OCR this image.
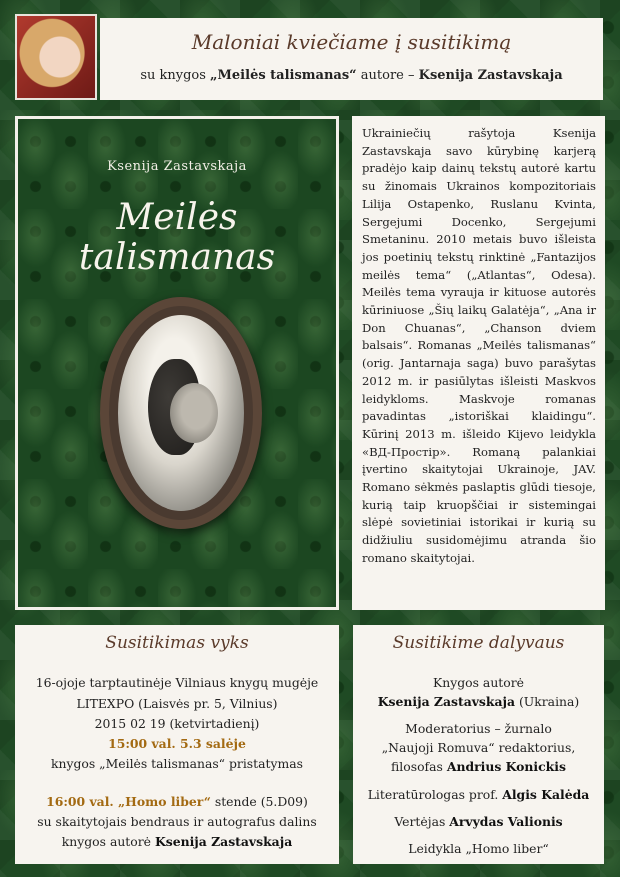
Maloniai kviečiame į susitikimą
su knygos „Meilės talismanas“ autore – Ksenija Zastavskaja
Ksenija Zastavskaja
Meilės
talismanas
Ukrainiečių rašytoja Ksenija Zastavskaja savo kūrybinę karjerą pradėjo kaip dainų tekstų autorė kartu su žinomais Ukrainos kompozitoriais Lilija Ostapenko, Ruslanu Kvinta, Sergejumi Docenko, Sergejumi Smetaninu. 2010 metais buvo išleista jos poetinių tekstų rinktinė „Fantazijos meilės tema“ („Atlantas“, Odesa). Meilės tema vyrauja ir kituose autorės kūriniuose „Šių laikų Galatėja“, „Ana ir Don Chuanas“, „Chanson dviem balsais“. Romanas „Meilės talismanas“ (orig. Jantarnaja saga) buvo parašytas 2012 m. ir pasiūlytas išleisti Maskvos leidykloms. Maskvoje romanas pavadintas „istoriškai klaidingu“. Kūrinį 2013 m. išleido Kijevo leidykla «ВД-Простір». Romaną palankiai įvertino skaitytojai Ukrainoje, JAV. Romano sėkmės paslaptis glūdi tiesoje, kurią taip kruopščiai ir sistemingai slėpė sovietiniai istorikai ir kurią su didžiuliu susidomėjimu atranda šio romano skaitytojai.
Susitikimas vyks
16-ojoje tarptautinėje Vilniaus knygų mugėje
LITEXPO (Laisvės pr. 5, Vilnius)
2015 02 19 (ketvirtadienį)
15:00 val. 5.3 salėje
knygos „Meilės talismanas“ pristatymas
16:00 val. „Homo liber“ stende (5.D09)
su skaitytojais bendraus ir autografus dalins
knygos autorė Ksenija Zastavskaja
Susitikime dalyvaus
Knygos autorė
Ksenija Zastavskaja (Ukraina)
Moderatorius – žurnalo
„Naujoji Romuva“ redaktorius,
filosofas Andrius Konickis
Literatūrologas prof. Algis Kalėda
Vertėjas Arvydas Valionis
Leidykla „Homo liber“
